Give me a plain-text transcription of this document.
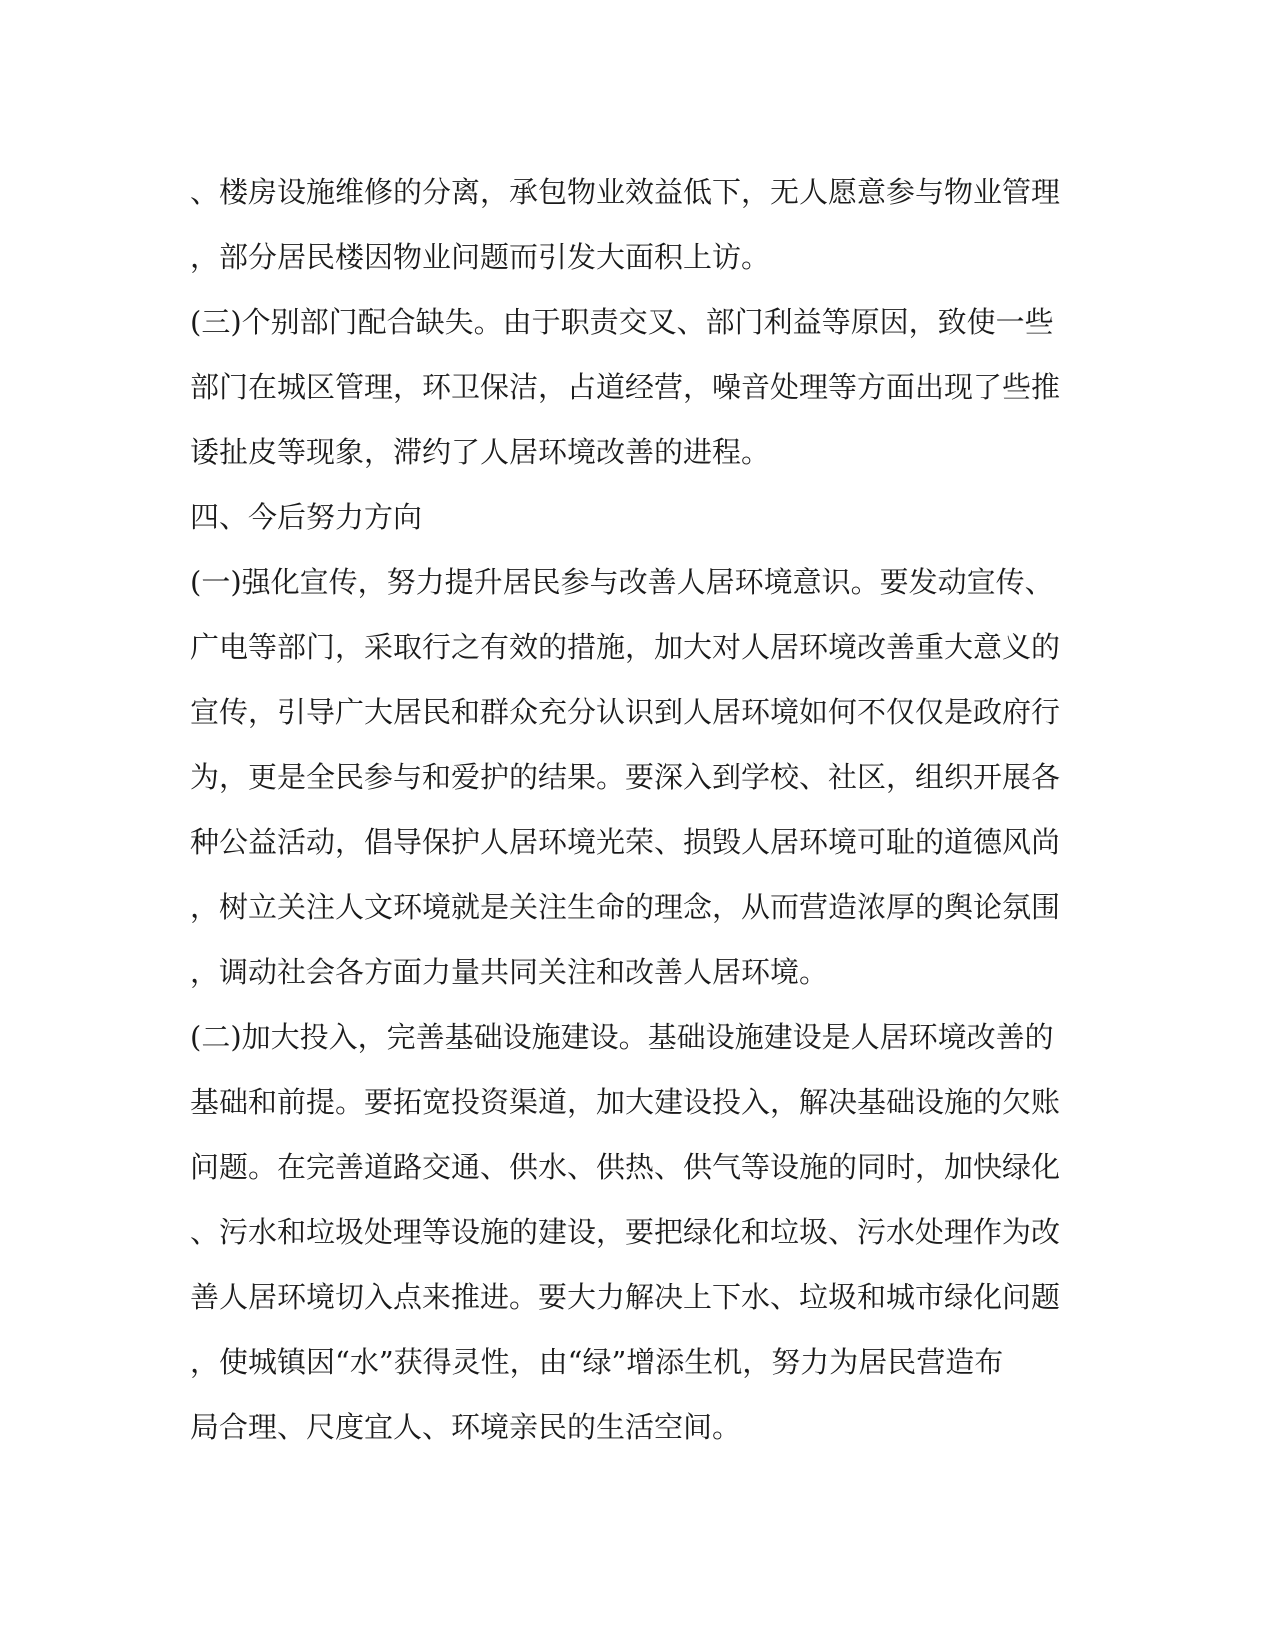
、楼房设施维修的分离，承包物业效益低下，无人愿意参与物业管理
，部分居民楼因物业问题而引发大面积上访。
(三)个别部门配合缺失。由于职责交叉、部门利益等原因，致使一些
部门在城区管理，环卫保洁，占道经营，噪音处理等方面出现了些推
诿扯皮等现象，滞约了人居环境改善的进程。
四、今后努力方向
(一)强化宣传，努力提升居民参与改善人居环境意识。要发动宣传、
广电等部门，采取行之有效的措施，加大对人居环境改善重大意义的
宣传，引导广大居民和群众充分认识到人居环境如何不仅仅是政府行
为，更是全民参与和爱护的结果。要深入到学校、社区，组织开展各
种公益活动，倡导保护人居环境光荣、损毁人居环境可耻的道德风尚
，树立关注人文环境就是关注生命的理念，从而营造浓厚的舆论氛围
，调动社会各方面力量共同关注和改善人居环境。
(二)加大投入，完善基础设施建设。基础设施建设是人居环境改善的
基础和前提。要拓宽投资渠道，加大建设投入，解决基础设施的欠账
问题。在完善道路交通、供水、供热、供气等设施的同时，加快绿化
、污水和垃圾处理等设施的建设，要把绿化和垃圾、污水处理作为改
善人居环境切入点来推进。要大力解决上下水、垃圾和城市绿化问题
，使城镇因“水”获得灵性，由“绿”增添生机，努力为居民营造布
局合理、尺度宜人、环境亲民的生活空间。
